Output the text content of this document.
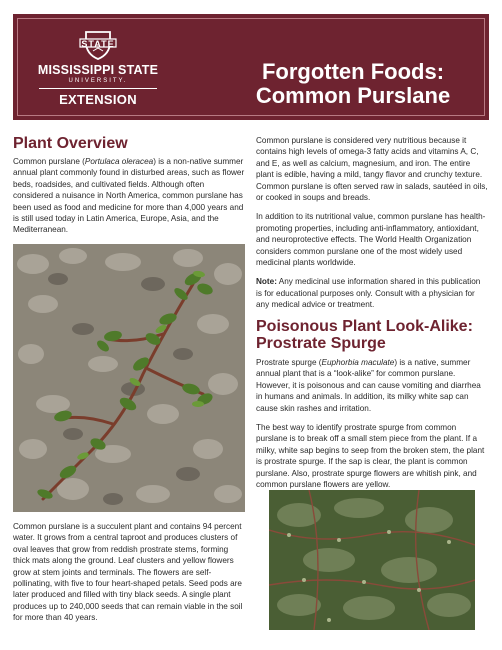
STATE
MISSISSIPPI STATE
UNIVERSITY.
EXTENSION
Forgotten Foods:
Common Purslane
Plant Overview

Common purslane (Portulaca oleracea) is a non-native summer annual plant commonly found in disturbed areas, such as flower beds, roadsides, and cultivated fields. Although often considered a nuisance in North America, common purslane has been used as food and medicine for more than 4,000 years and is still used today in Latin America, Europe, Asia, and the Mediterranean.

Common purslane is a succulent plant and contains 94 percent water. It grows from a central taproot and produces clusters of oval leaves that grow from reddish prostrate stems, forming thick mats along the ground. Leaf clusters and yellow flowers grow at stem joints and terminals. The flowers are self-pollinating, with five to four heart-shaped petals. Seed pods are later produced and filled with tiny black seeds. A single plant produces up to 240,000 seeds that can remain viable in the soil for more than 40 years.

Common purslane is considered very nutritious because it contains high levels of omega-3 fatty acids and vitamins A, C, and E, as well as calcium, magnesium, and iron. The entire plant is edible, having a mild, tangy flavor and crunchy texture. Common purslane is often served raw in salads, sautéed in oils, or cooked in soups and breads.

In addition to its nutritional value, common purslane has health-promoting properties, including anti-inflammatory, antioxidant, and neuroprotective effects. The World Health Organization considers common purslane one of the most widely used medicinal plants worldwide.

Note: Any medicinal use information shared in this publication is for educational purposes only. Consult with a physician for any medical advice or treatment.

Poisonous Plant Look-Alike:
Prostrate Spurge

Prostrate spurge (Euphorbia maculate) is a native, summer annual plant that is a “look-alike” for common purslane. However, it is poisonous and can cause vomiting and diarrhea in humans and animals. In addition, its milky white sap can cause skin rashes and irritation.

The best way to identify prostrate spurge from common purslane is to break off a small stem piece from the plant. If a milky, white sap begins to seep from the broken stem, the plant is prostrate spurge. If the sap is clear, the plant is common purslane. Also, prostrate spurge flowers are whitish pink, and common purslane flowers are yellow.
